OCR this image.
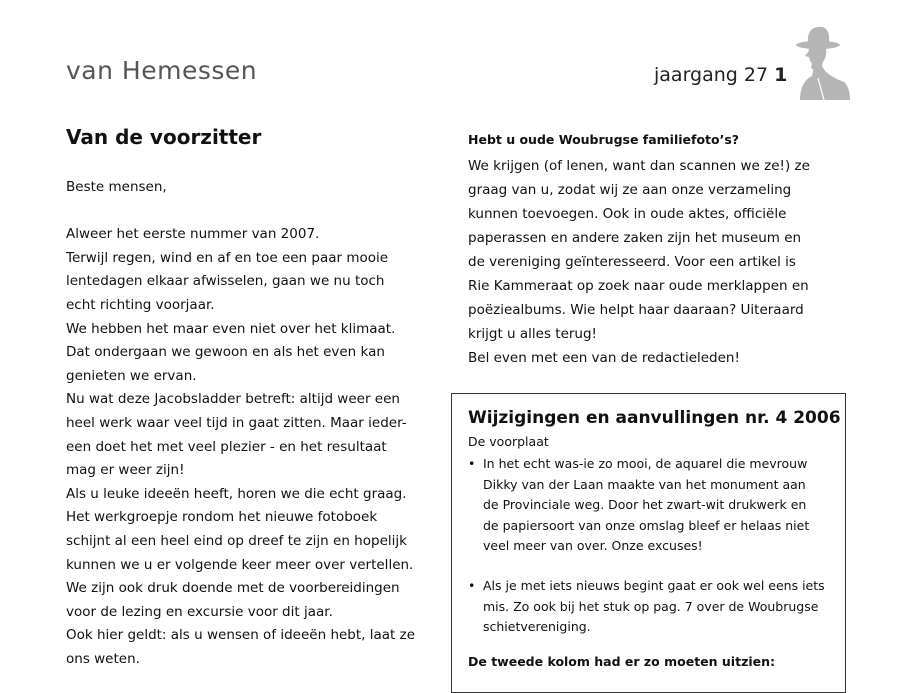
van Hemessen	jaargang 27 1
Van de voorzitter
Beste mensen,
Alweer het eerste nummer van 2007.
Terwijl regen, wind en af en toe een paar mooie
lentedagen elkaar afwisselen, gaan we nu toch
echt richting voorjaar.
We hebben het maar even niet over het klimaat.
Dat ondergaan we gewoon en als het even kan
genieten we ervan.
Nu wat deze Jacobsladder betreft: altijd weer een
heel werk waar veel tijd in gaat zitten. Maar ieder-
een doet het met veel plezier - en het resultaat
mag er weer zijn!
Als u leuke ideeën heeft, horen we die echt graag.
Het werkgroepje rondom het nieuwe fotoboek
schijnt al een heel eind op dreef te zijn en hopelijk
kunnen we u er volgende keer meer over vertellen.
We zijn ook druk doende met de voorbereidingen
voor de lezing en excursie voor dit jaar.
Ook hier geldt: als u wensen of ideeën hebt, laat ze
ons weten.
Hebt u oude Woubrugse familiefoto’s?
We krijgen (of lenen, want dan scannen we ze!) ze
graag van u, zodat wij ze aan onze verzameling
kunnen toevoegen. Ook in oude aktes, officiële
paperassen en andere zaken zijn het museum en
de vereniging geïnteresseerd. Voor een artikel is
Rie Kammeraat op zoek naar oude merklappen en
poëziealbums. Wie helpt haar daaraan? Uiteraard
krijgt u alles terug!
Bel even met een van de redactieleden!
Wijzigingen en aanvullingen nr. 4 2006
De voorplaat
• In het echt was-ie zo mooi, de aquarel die mevrouw
Dikky van der Laan maakte van het monument aan
de Provinciale weg. Door het zwart-wit drukwerk en
de papiersoort van onze omslag bleef er helaas niet
veel meer van over. Onze excuses!
• Als je met iets nieuws begint gaat er ook wel eens iets
mis. Zo ook bij het stuk op pag. 7 over de Woubrugse
schietvereniging.
De tweede kolom had er zo moeten uitzien:
